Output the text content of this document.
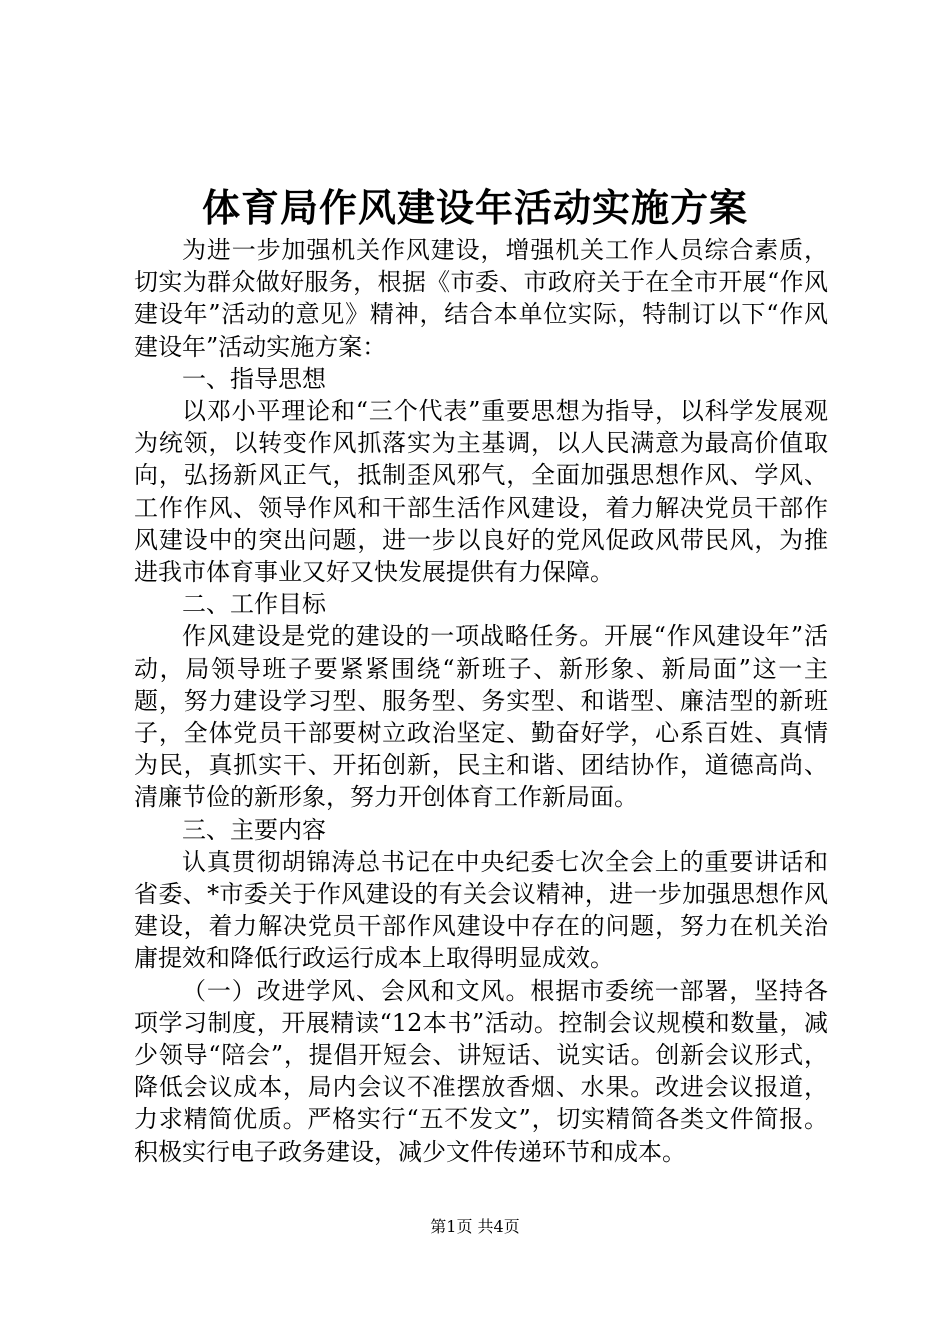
体育局作风建设年活动实施方案

为进一步加强机关作风建设，增强机关工作人员综合素质，切实为群众做好服务，根据《市委、市政府关于在全市开展“作风建设年”活动的意见》精神，结合本单位实际，特制订以下“作风建设年”活动实施方案：

一、指导思想

以邓小平理论和“三个代表”重要思想为指导，以科学发展观为统领，以转变作风抓落实为主基调，以人民满意为最高价值取向，弘扬新风正气，抵制歪风邪气，全面加强思想作风、学风、工作作风、领导作风和干部生活作风建设，着力解决党员干部作风建设中的突出问题，进一步以良好的党风促政风带民风，为推进我市体育事业又好又快发展提供有力保障。

二、工作目标

作风建设是党的建设的一项战略任务。开展“作风建设年”活动，局领导班子要紧紧围绕“新班子、新形象、新局面”这一主题，努力建设学习型、服务型、务实型、和谐型、廉洁型的新班子，全体党员干部要树立政治坚定、勤奋好学，心系百姓、真情为民，真抓实干、开拓创新，民主和谐、团结协作，道德高尚、清廉节俭的新形象，努力开创体育工作新局面。

三、主要内容

认真贯彻胡锦涛总书记在中央纪委七次全会上的重要讲话和省委、*市委关于作风建设的有关会议精神，进一步加强思想作风建设，着力解决党员干部作风建设中存在的问题，努力在机关治庸提效和降低行政运行成本上取得明显成效。

（一）改进学风、会风和文风。根据市委统一部署，坚持各项学习制度，开展精读“12本书”活动。控制会议规模和数量，减少领导“陪会”，提倡开短会、讲短话、说实话。创新会议形式，降低会议成本，局内会议不准摆放香烟、水果。改进会议报道，力求精简优质。严格实行“五不发文”，切实精简各类文件简报。积极实行电子政务建设，减少文件传递环节和成本。

第1页 共4页
